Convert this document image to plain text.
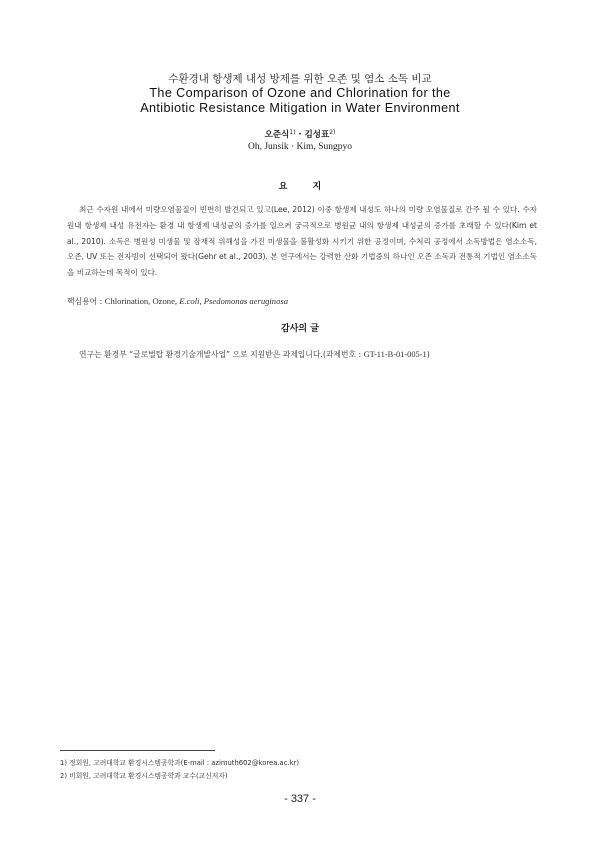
수환경내 항생제 내성 방제를 위한 오존 및 염소 소독 비교
The Comparison of Ozone and Chlorination for the
Antibiotic Resistance Mitigation in Water Environment
오준식$^{1)}$ · 김성표$^{2)}$
Oh, Junsik · Kim, Sungpyo
요 지

최근 수자원 내에서 미량오염물질이 빈번히 발견되고 있고(Lee, 2012) 이중 항생제 내성도 하나의 미량 오염물질로 간주 될 수 있다. 수자원내 항생제 내성 유전자는 환경 내 항생제 내성균의 증가를 일으켜 궁극적으로 병원균 내의 항생제 내성균의 증가를 초래할 수 있다(Kim et al., 2010). 소독은 병원성 미생물 및 잠재적 위해성을 가진 미생물을 불활성화 시키기 위한 공정이며, 수처리 공정에서 소독방법은 염소소독, 오존, UV 또는 전자빔이 선택되어 왔다(Gehr et al., 2003). 본 연구에서는 강력한 산화 기법중의 하나인 오존 소독과 전통적 기법인 염소소독을 비교하는데 목적이 있다.

핵심용어 : Chlorination, Ozone, E.coli, Psedomonas aeruginosa
감사의 글
연구는 환경부 “글로벌탑 환경기술개발사업” 으로 지원받은 과제입니다.(과제번호 : GT-11-B-01-005-1)
1) 정회원, 고려대학교 환경시스템공학과(E-mail : azimuth602@korea.ac.kr)
2) 비회원, 고려대학교 환경시스템공학과 교수(교신저자)
- 337 -
